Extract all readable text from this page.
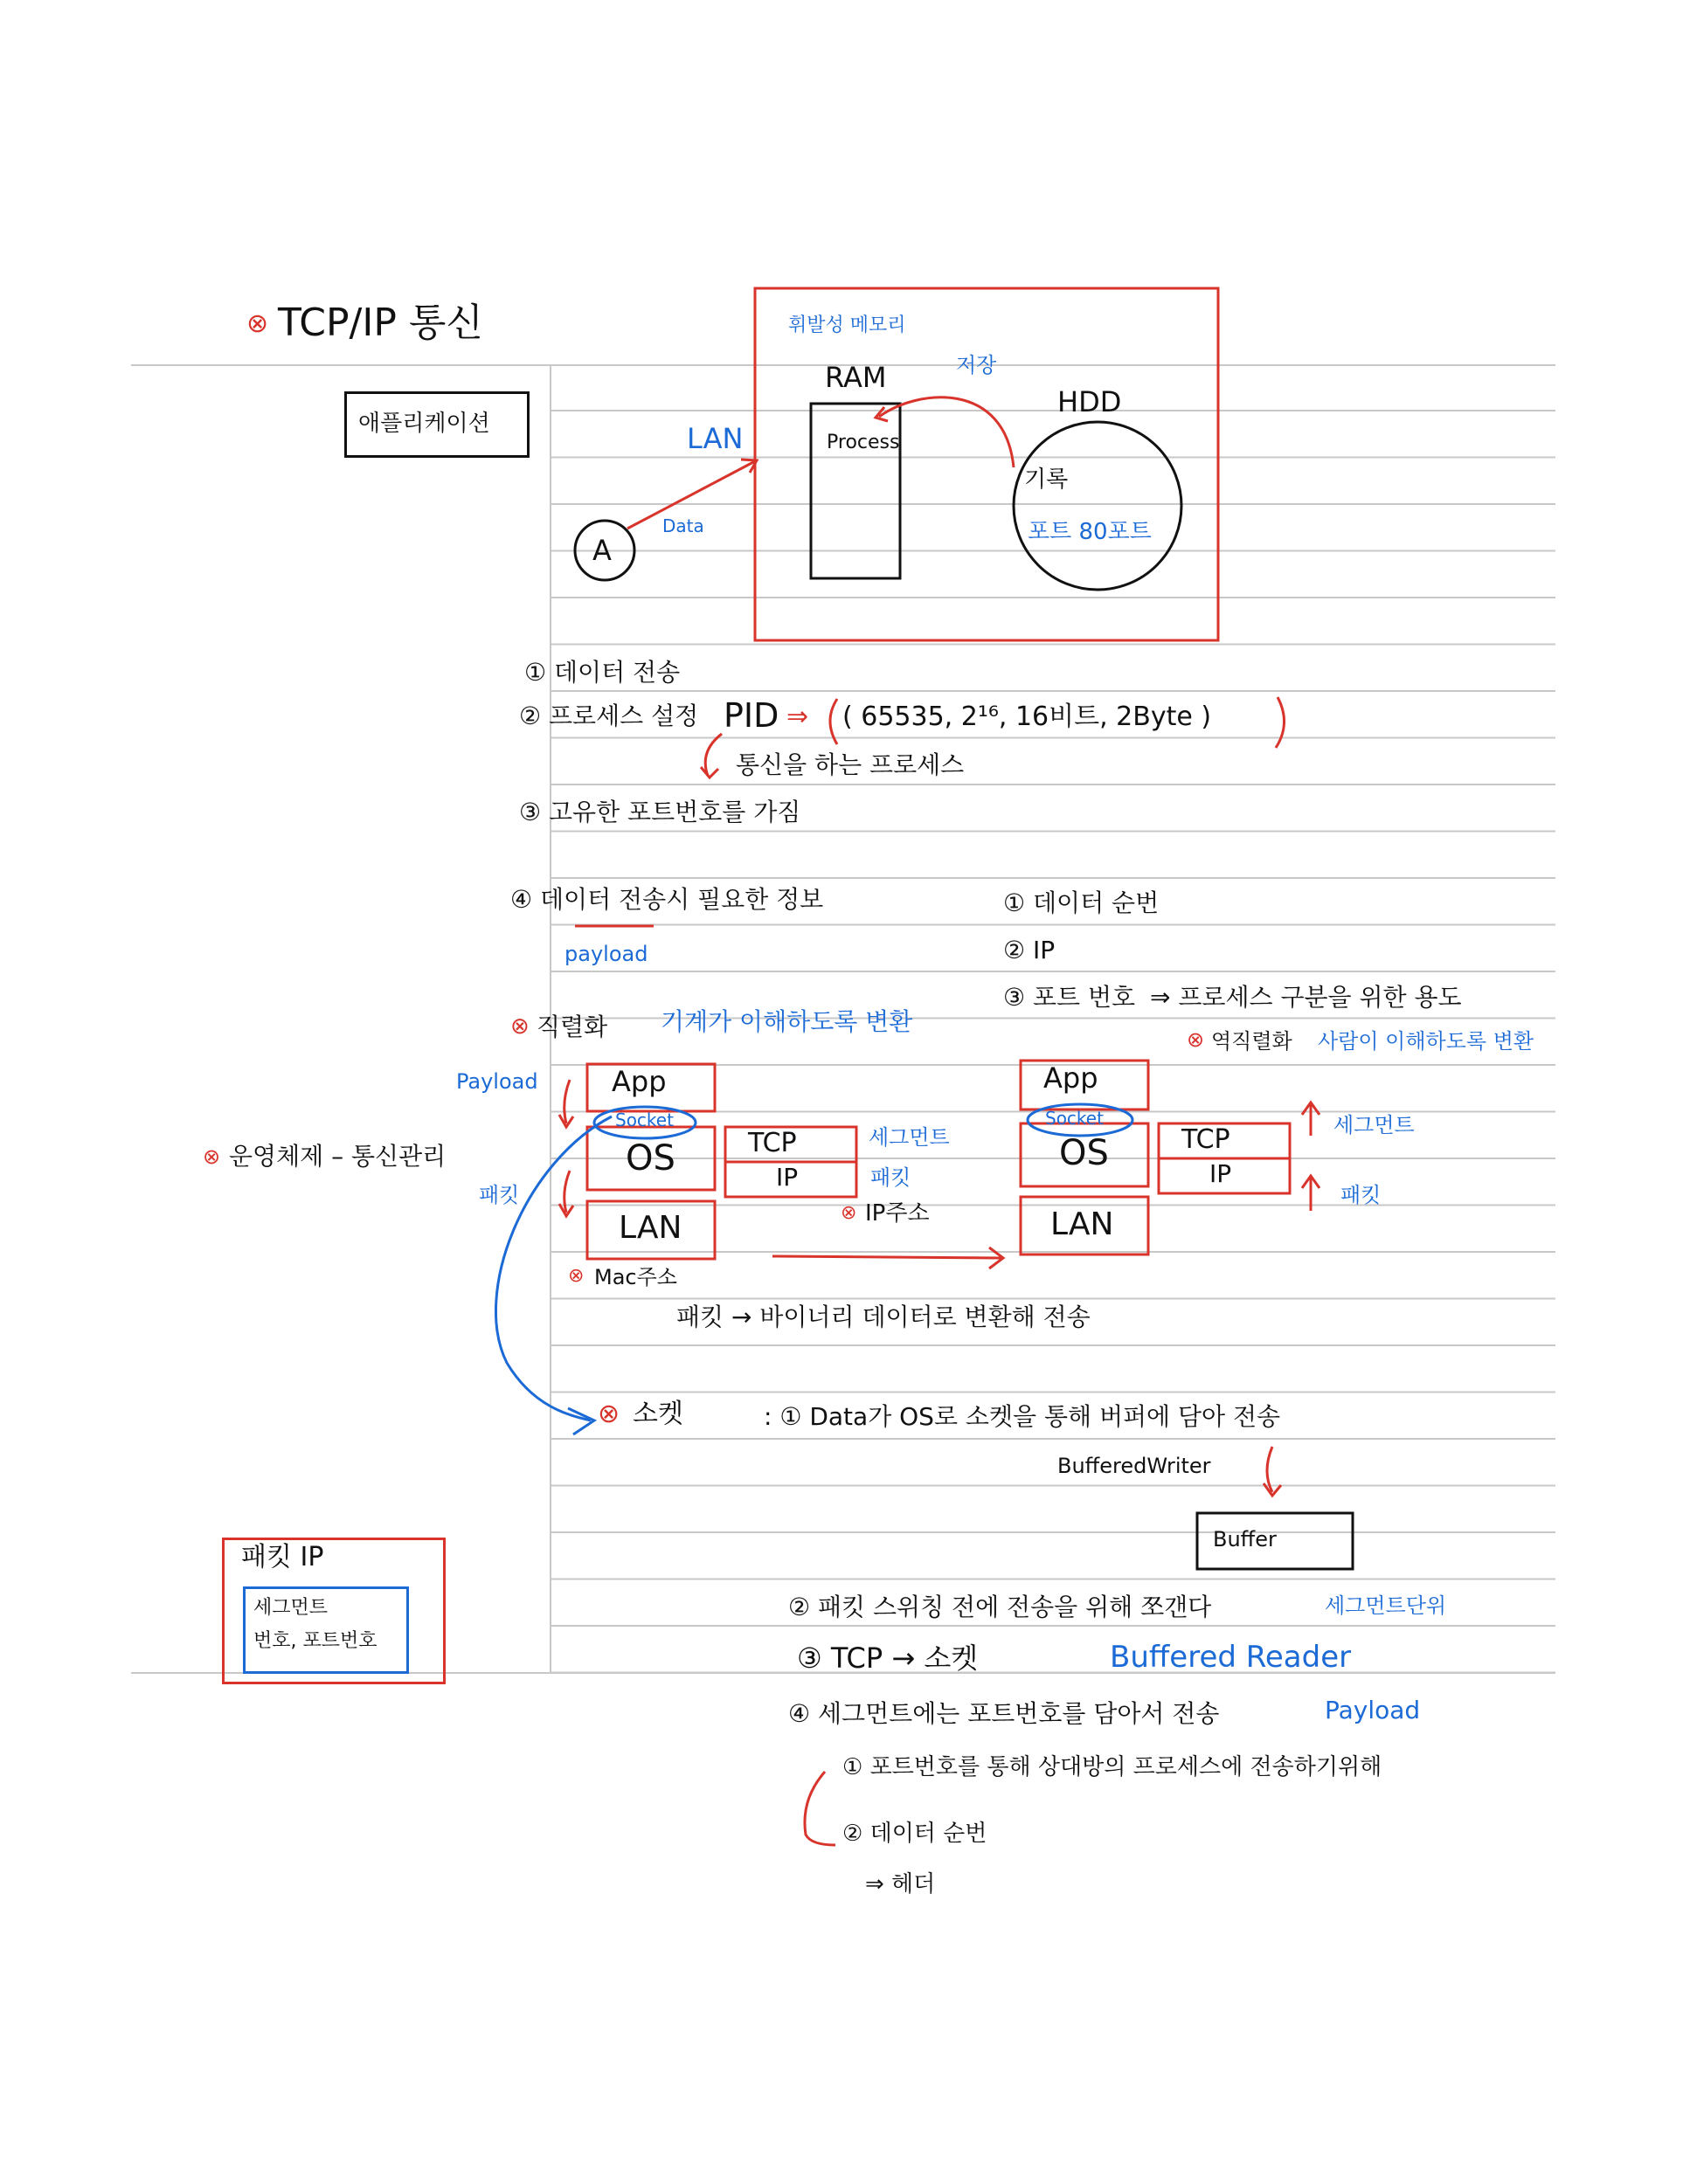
⊗ TCP/IP 통신
애플리케이션
휘발성 메모리
RAM	저장
HDD
Process
기록
포트 80포트
LAN
A
Data
① 데이터 전송
② 프로세스 설정 PID ⇒ ( 65535, 2¹⁶, 16비트, 2Byte )
통신을 하는 프로세스
③ 고유한 포트번호를 가짐
④ 데이터 전송시 필요한 정보
payload
① 데이터 순번
② IP
③ 포트 번호 ⇒ 프로세스 구분을 위한 용도
⊗ 직렬화 기계가 이해하도록 변환
⊗ 역직렬화 사람이 이해하도록 변환
Payload
패킷
App
Socket
OS
LAN
TCP
IP
세그먼트
패킷
⊗ IP주소
⊗ Mac주소
패킷 → 바이너리 데이터로 변환해 전송
⊗ 운영체제 – 통신관리
App
Socket
OS
LAN
TCP
IP
세그먼트
패킷
⊗ 소켓	: ① Data가 OS로 소켓을 통해 버퍼에 담아 전송
BufferedWriter
Buffer
② 패킷 스위칭 전에 전송을 위해 쪼갠다	세그먼트단위
③ TCP → 소켓	Buffered Reader
④ 세그먼트에는 포트번호를 담아서 전송	Payload
① 포트번호를 통해 상대방의 프로세스에 전송하기위해
② 데이터 순번
⇒ 헤더
패킷 IP
세그먼트
번호, 포트번호
